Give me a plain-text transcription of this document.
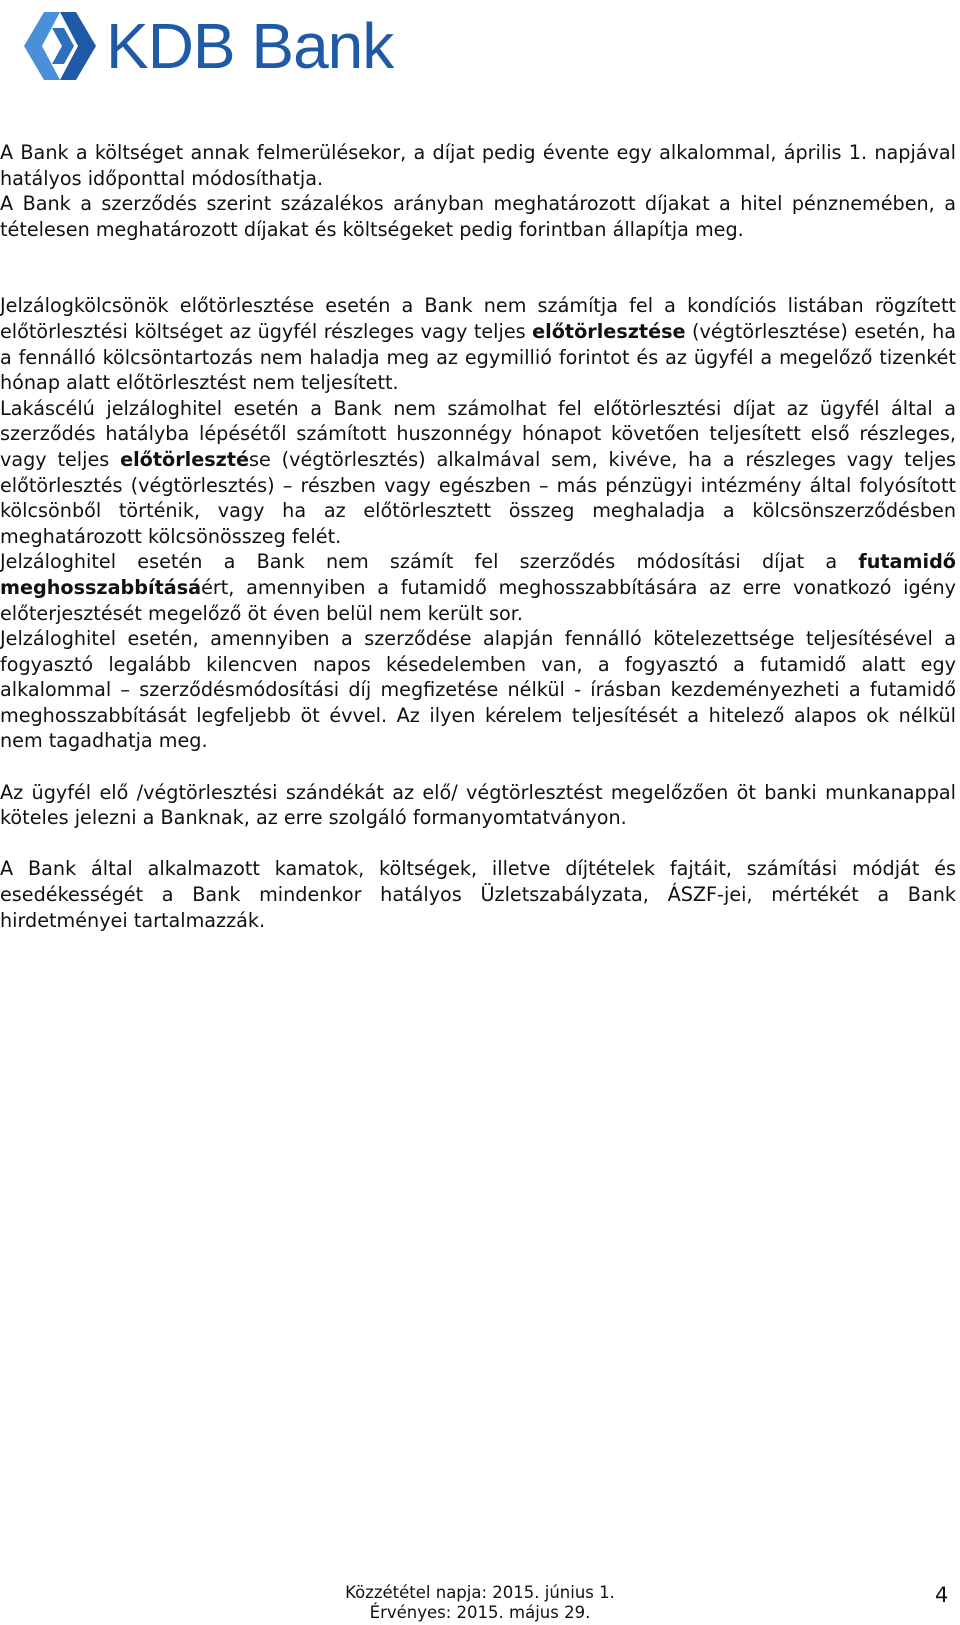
KDB Bank

A Bank a költséget annak felmerülésekor, a díjat pedig évente egy alkalommal, április 1. napjával hatályos időponttal módosíthatja.

A Bank a szerződés szerint százalékos arányban meghatározott díjakat a hitel pénznemében, a tételesen meghatározott díjakat és költségeket pedig forintban állapítja meg.

Jelzálogkölcsönök előtörlesztése esetén a Bank nem számítja fel a kondíciós listában rögzített előtörlesztési költséget az ügyfél részleges vagy teljes előtörlesztése (végtörlesztése) esetén, ha a fennálló kölcsöntartozás nem haladja meg az egymillió forintot és az ügyfél a megelőző tizenkét hónap alatt előtörlesztést nem teljesített.

Lakáscélú jelzáloghitel esetén a Bank nem számolhat fel előtörlesztési díjat az ügyfél által a szerződés hatályba lépésétől számított huszonnégy hónapot követően teljesített első részleges, vagy teljes előtörlesztése (végtörlesztés) alkalmával sem, kivéve, ha a részleges vagy teljes előtörlesztés (végtörlesztés) – részben vagy egészben – más pénzügyi intézmény által folyósított kölcsönből történik, vagy ha az előtörlesztett összeg meghaladja a kölcsönszerződésben meghatározott kölcsönösszeg felét.

Jelzáloghitel esetén a Bank nem számít fel szerződés módosítási díjat a futamidő meghosszabbításáért, amennyiben a futamidő meghosszabbítására az erre vonatkozó igény előterjesztését megelőző öt éven belül nem került sor.

Jelzáloghitel esetén, amennyiben a szerződése alapján fennálló kötelezettsége teljesítésével a fogyasztó legalább kilencven napos késedelemben van, a fogyasztó a futamidő alatt egy alkalommal – szerződésmódosítási díj megfizetése nélkül - írásban kezdeményezheti a futamidő meghosszabbítását legfeljebb öt évvel. Az ilyen kérelem teljesítését a hitelező alapos ok nélkül nem tagadhatja meg.

Az ügyfél elő /végtörlesztési szándékát az elő/ végtörlesztést megelőzően öt banki munkanappal köteles jelezni a Banknak, az erre szolgáló formanyomtatványon.

A Bank által alkalmazott kamatok, költségek, illetve díjtételek fajtáit, számítási módját és esedékességét a Bank mindenkor hatályos Üzletszabályzata, ÁSZF-jei, mértékét a Bank hirdetményei tartalmazzák.

Közzététel napja: 2015. június 1.
Érvényes: 2015. május 29.
4
